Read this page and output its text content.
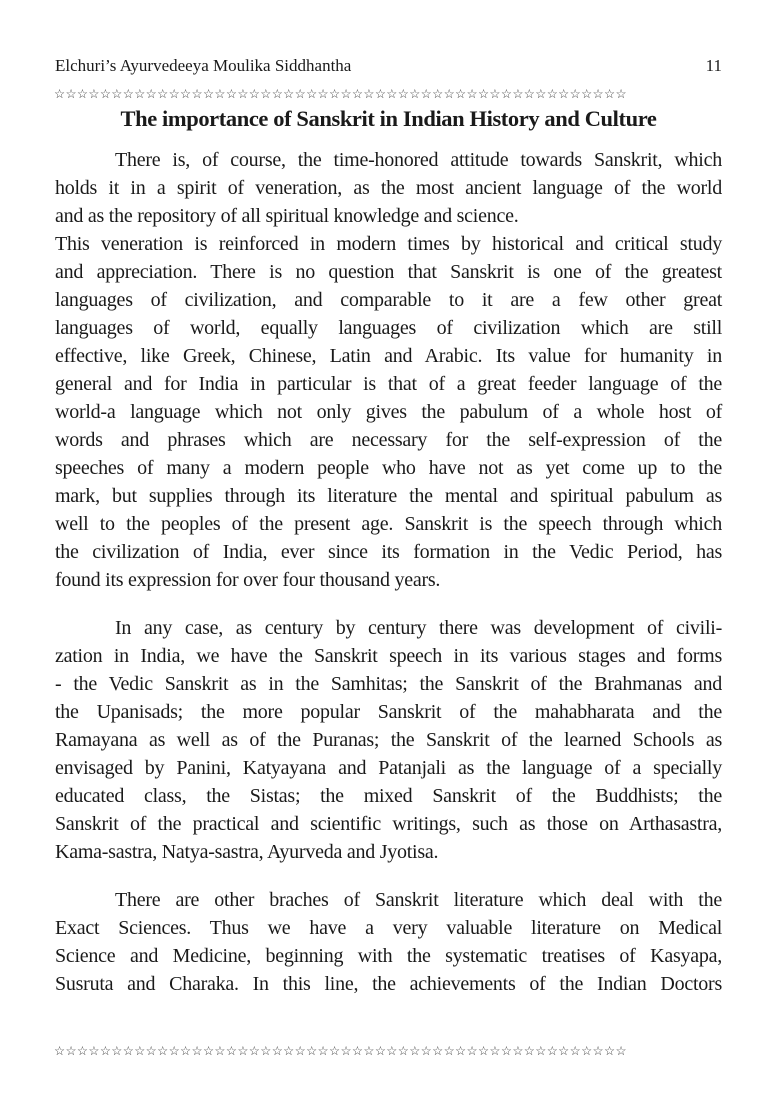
Elchuri’s Ayurvedeeya Moulika Siddhantha	11
☆☆☆☆☆☆☆☆☆☆☆☆☆☆☆☆☆☆☆☆☆☆☆☆☆☆☆☆☆☆☆☆☆☆☆☆☆☆☆☆☆☆☆☆☆☆☆☆☆☆
The importance of Sanskrit in Indian History and Culture
There is, of course, the time-honored attitude towards Sanskrit, which
holds it in a spirit of veneration, as the most ancient language of the world
and as the repository of all spiritual knowledge and science.
This veneration is reinforced in modern times by historical and critical study
and appreciation. There is no question that Sanskrit is one of the greatest
languages of civilization, and comparable to it are a few other great
languages of world, equally languages of civilization which are still
effective, like Greek, Chinese, Latin and Arabic. Its value for humanity in
general and for India in particular is that of a great feeder language of the
world-a language which not only gives the pabulum of a whole host of
words and phrases which are necessary for the self-expression of the
speeches of many a modern people who have not as yet come up to the
mark, but supplies through its literature the mental and spiritual pabulum as
well to the peoples of the present age. Sanskrit is the speech through which
the civilization of India, ever since its formation in the Vedic Period, has
found its expression for over four thousand years.
In any case, as century by century there was development of civili-
zation in India, we have the Sanskrit speech in its various stages and forms
- the Vedic Sanskrit as in the Samhitas; the Sanskrit of the Brahmanas and
the Upanisads; the more popular Sanskrit of the mahabharata and the
Ramayana as well as of the Puranas; the Sanskrit of the learned Schools as
envisaged by Panini, Katyayana and Patanjali as the language of a specially
educated class, the Sistas; the mixed Sanskrit of the Buddhists; the
Sanskrit of the practical and scientific writings, such as those on Arthasastra,
Kama-sastra, Natya-sastra, Ayurveda and Jyotisa.
There are other braches of Sanskrit literature which deal with the
Exact Sciences. Thus we have a very valuable literature on Medical
Science and Medicine, beginning with the systematic treatises of Kasyapa,
Susruta and Charaka. In this line, the achievements of the Indian Doctors
☆☆☆☆☆☆☆☆☆☆☆☆☆☆☆☆☆☆☆☆☆☆☆☆☆☆☆☆☆☆☆☆☆☆☆☆☆☆☆☆☆☆☆☆☆☆☆☆☆☆
